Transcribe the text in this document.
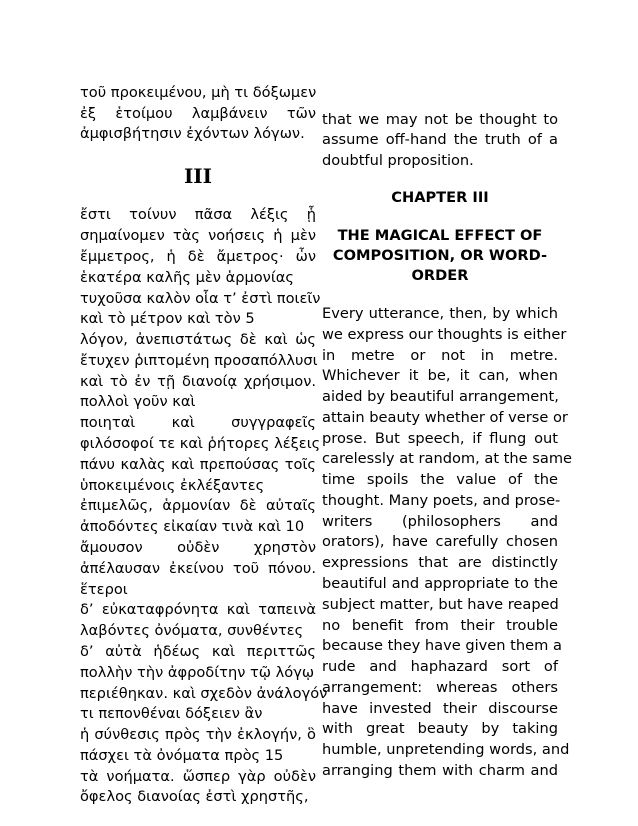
τοῦ προκειμένου, μὴ τι δόξωμεν
ἐξ ἑτοίμου λαμβάνειν τῶν
ἀμφισβήτησιν ἐχόντων λόγων.
III
ἔστι τοίνυν πᾶσα λέξις ᾗ
σημαίνομεν τὰς νοήσεις ἡ μὲν
ἔμμετρος, ἡ δὲ ἄμετρος· ὧν
ἑκατέρα καλῆς μὲν ἁρμονίας
τυχοῦσα καλὸν οἷα τ’ ἐστὶ ποιεῖν
καὶ τὸ μέτρον καὶ τὸν 5
λόγον, ἀνεπιστάτως δὲ καὶ ὡς
ἔτυχεν ῥιπτομένη προσαπόλλυσι
καὶ τὸ ἐν τῇ διανοίᾳ χρήσιμον.
πολλοὶ γοῦν καὶ
ποιηταὶ καὶ συγγραφεῖς
φιλόσοφοί τε καὶ ῥήτορες λέξεις
πάνυ καλὰς καὶ πρεπούσας τοῖς
ὑποκειμένοις ἐκλέξαντες
ἐπιμελῶς, ἁρμονίαν δὲ αὐταῖς
ἀποδόντες εἰκαίαν τινὰ καὶ 10
ἄμουσον οὐδὲν χρηστὸν
ἀπέλαυσαν ἐκείνου τοῦ πόνου.
ἕτεροι
δ’ εὐκαταφρόνητα καὶ ταπεινὰ
λαβόντες ὀνόματα, συνθέντες
δ’ αὐτὰ ἡδέως καὶ περιττῶς
πολλὴν τὴν ἀφροδίτην τῷ λόγῳ
περιέθηκαν. καὶ σχεδὸν ἀνάλογόν
τι πεπονθέναι δόξειεν ἂν
ἡ σύνθεσις πρὸς τὴν ἐκλογήν, ὃ
πάσχει τὰ ὀνόματα πρὸς 15
τὰ νοήματα. ὥσπερ γὰρ οὐδὲν
ὄφελος διανοίας ἐστὶ χρηστῆς,
that we may not be thought to
assume off-hand the truth of a
doubtful proposition.
CHAPTER III
THE MAGICAL EFFECT OF
COMPOSITION, OR WORD-
ORDER
Every utterance, then, by which
we express our thoughts is either
in metre or not in metre.
Whichever it be, it can, when
aided by beautiful arrangement,
attain beauty whether of verse or
prose. But speech, if flung out
carelessly at random, at the same
time spoils the value of the
thought. Many poets, and prose-
writers (philosophers and
orators), have carefully chosen
expressions that are distinctly
beautiful and appropriate to the
subject matter, but have reaped
no benefit from their trouble
because they have given them a
rude and haphazard sort of
arrangement: whereas others
have invested their discourse
with great beauty by taking
humble, unpretending words, and
arranging them with charm and
